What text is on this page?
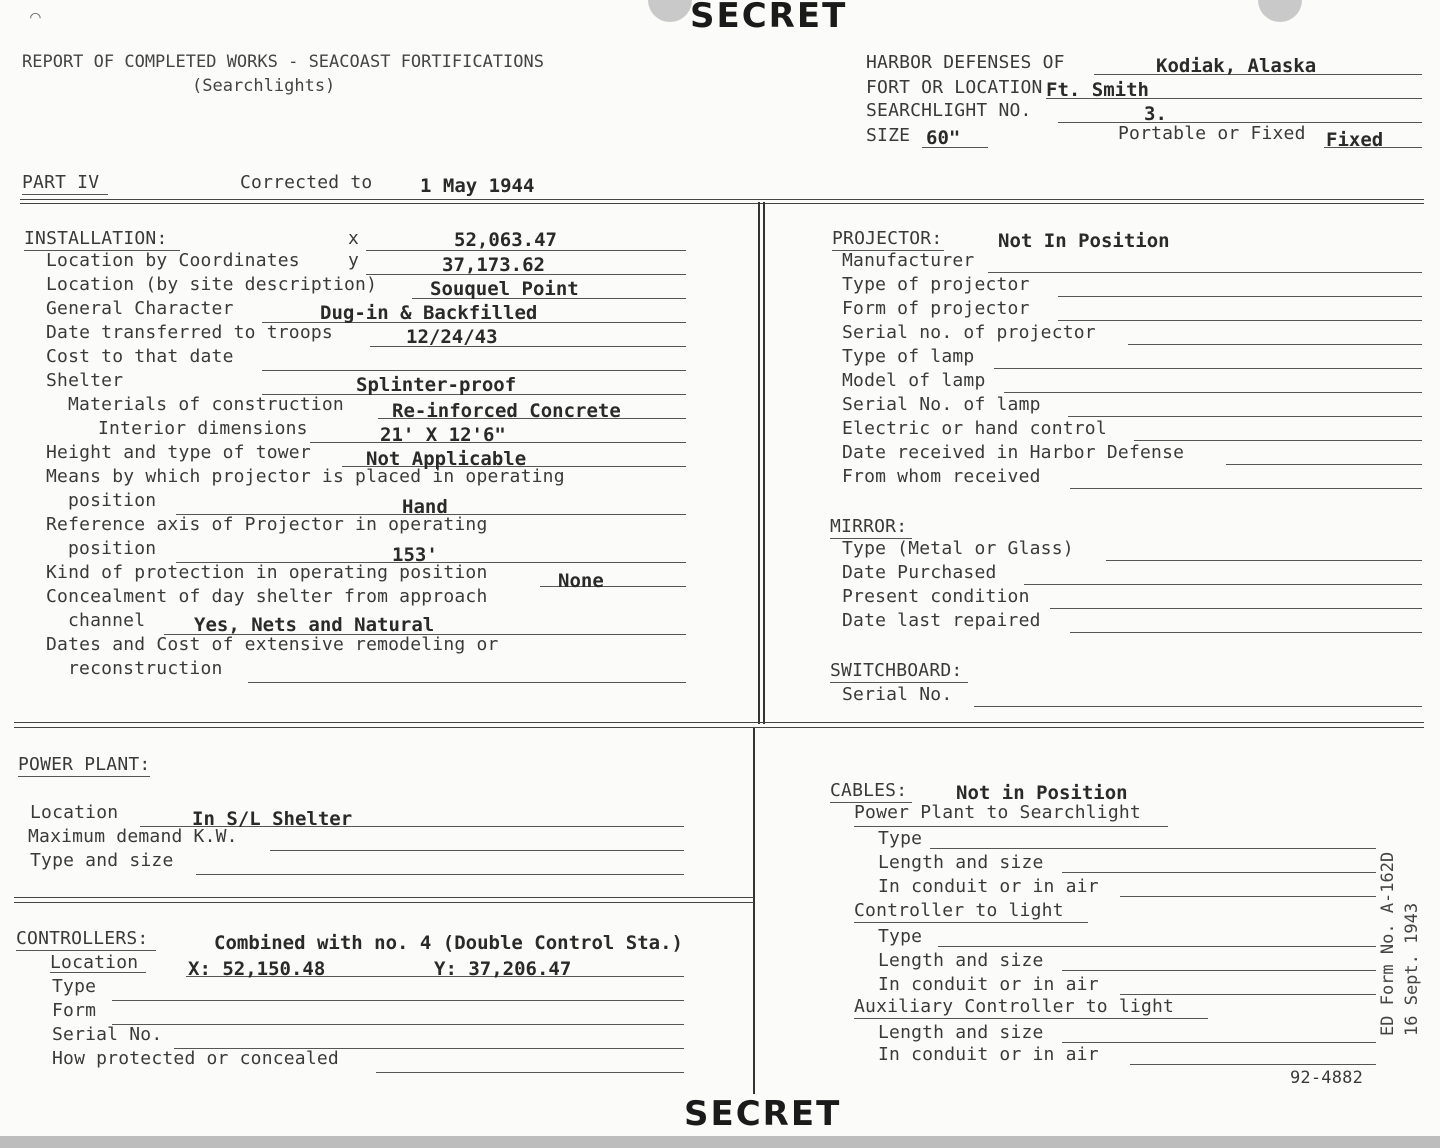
⌒	SECRET
SECRET
REPORT OF COMPLETED WORKS - SEACOAST FORTIFICATIONS
(Searchlights)
HARBOR DEFENSES OF	Kodiak, Alaska
FORT OR LOCATION Ft. Smith
SEARCHLIGHT NO.	3.
SIZE 60"	Portable or Fixed Fixed
PART IV	Corrected to	1 May 1944
INSTALLATION:	x	52,063.47
Location by Coordinates	y	37,173.62
Location (by site description)	Souquel Point
General Character	Dug-in & Backfilled
Date transferred to troops	12/24/43
Cost to that date
Shelter	Splinter-proof
Materials of construction	Re-inforced Concrete
Interior dimensions	21' X 12'6"
Height and type of tower	Not Applicable
Means by which projector is placed in operating
position	Hand
Reference axis of Projector in operating
position	153'
Kind of protection in operating position	None
Concealment of day shelter from approach
channel	Yes, Nets and Natural
Dates and Cost of extensive remodeling or
reconstruction
PROJECTOR:	Not In Position
Manufacturer
Type of projector
Form of projector
Serial no. of projector
Type of lamp
Model of lamp
Serial No. of lamp
Electric or hand control
Date received in Harbor Defense
From whom received
MIRROR:
Type (Metal or Glass)
Date Purchased
Present condition
Date last repaired
SWITCHBOARD:
Serial No.
POWER PLANT:
Location	In S/L Shelter
Maximum demand K.W.
Type and size
CONTROLLERS:	Combined with no. 4 (Double Control Sta.)
Location	X: 52,150.48	Y: 37,206.47
Type
Form
Serial No.
How protected or concealed
CABLES:	Not in Position
Power Plant to Searchlight
Type
Length and size
In conduit or in air
Controller to light
Type
Length and size
In conduit or in air
Auxiliary Controller to light
Length and size
In conduit or in air
ED Form No. A-162D 16 Sept. 1943
92-4882
